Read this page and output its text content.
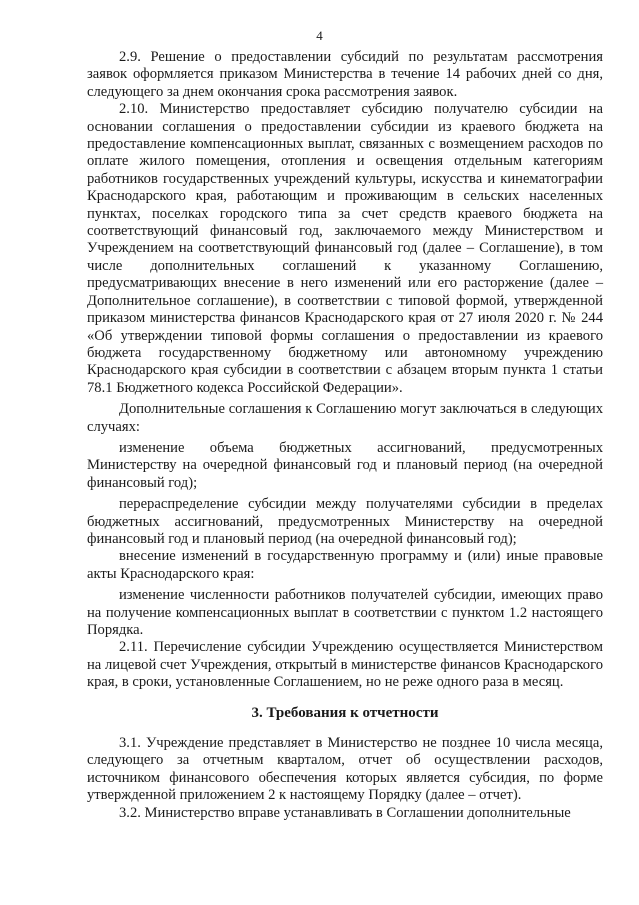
4

2.9. Решение о предоставлении субсидий по результатам рассмотрения заявок оформляется приказом Министерства в течение 14 рабочих дней со дня, следующего за днем окончания срока рассмотрения заявок.

2.10. Министерство предоставляет субсидию получателю субсидии на основании соглашения о предоставлении субсидии из краевого бюджета на предоставление компенсационных выплат, связанных с возмещением расходов по оплате жилого помещения, отопления и освещения отдельным категориям работников государственных учреждений культуры, искусства и кинематографии Краснодарского края, работающим и проживающим в сельских населенных пунктах, поселках городского типа за счет средств краевого бюджета на соответствующий финансовый год, заключаемого между Министерством и Учреждением на соответствующий финансовый год (далее – Соглашение), в том числе дополнительных соглашений к указанному Соглашению, предусматривающих внесение в него изменений или его расторжение (далее – Дополнительное соглашение), в соответствии с типовой формой, утвержденной приказом министерства финансов Краснодарского края от 27 июля 2020 г. № 244 «Об утверждении типовой формы соглашения о предоставлении из краевого бюджета государственному бюджетному или автономному учреждению Краснодарского края субсидии в соответствии с абзацем вторым пункта 1 статьи 78.1 Бюджетного кодекса Российской Федерации».

Дополнительные соглашения к Соглашению могут заключаться в следующих случаях:

изменение объема бюджетных ассигнований, предусмотренных Министерству на очередной финансовый год и плановый период (на очередной финансовый год);

перераспределение субсидии между получателями субсидии в пределах бюджетных ассигнований, предусмотренных Министерству на очередной финансовый год и плановый период (на очередной финансовый год);

внесение изменений в государственную программу и (или) иные правовые акты Краснодарского края:

изменение численности работников получателей субсидии, имеющих право на получение компенсационных выплат в соответствии с пунктом 1.2 настоящего Порядка.

2.11. Перечисление субсидии Учреждению осуществляется Министерством на лицевой счет Учреждения, открытый в министерстве финансов Краснодарского края, в сроки, установленные Соглашением, но не реже одного раза в месяц.

3. Требования к отчетности

3.1. Учреждение представляет в Министерство не позднее 10 числа месяца, следующего за отчетным кварталом, отчет об осуществлении расходов, источником финансового обеспечения которых является субсидия, по форме утвержденной приложением 2 к настоящему Порядку (далее – отчет).

3.2. Министерство вправе устанавливать в Соглашении дополнительные
